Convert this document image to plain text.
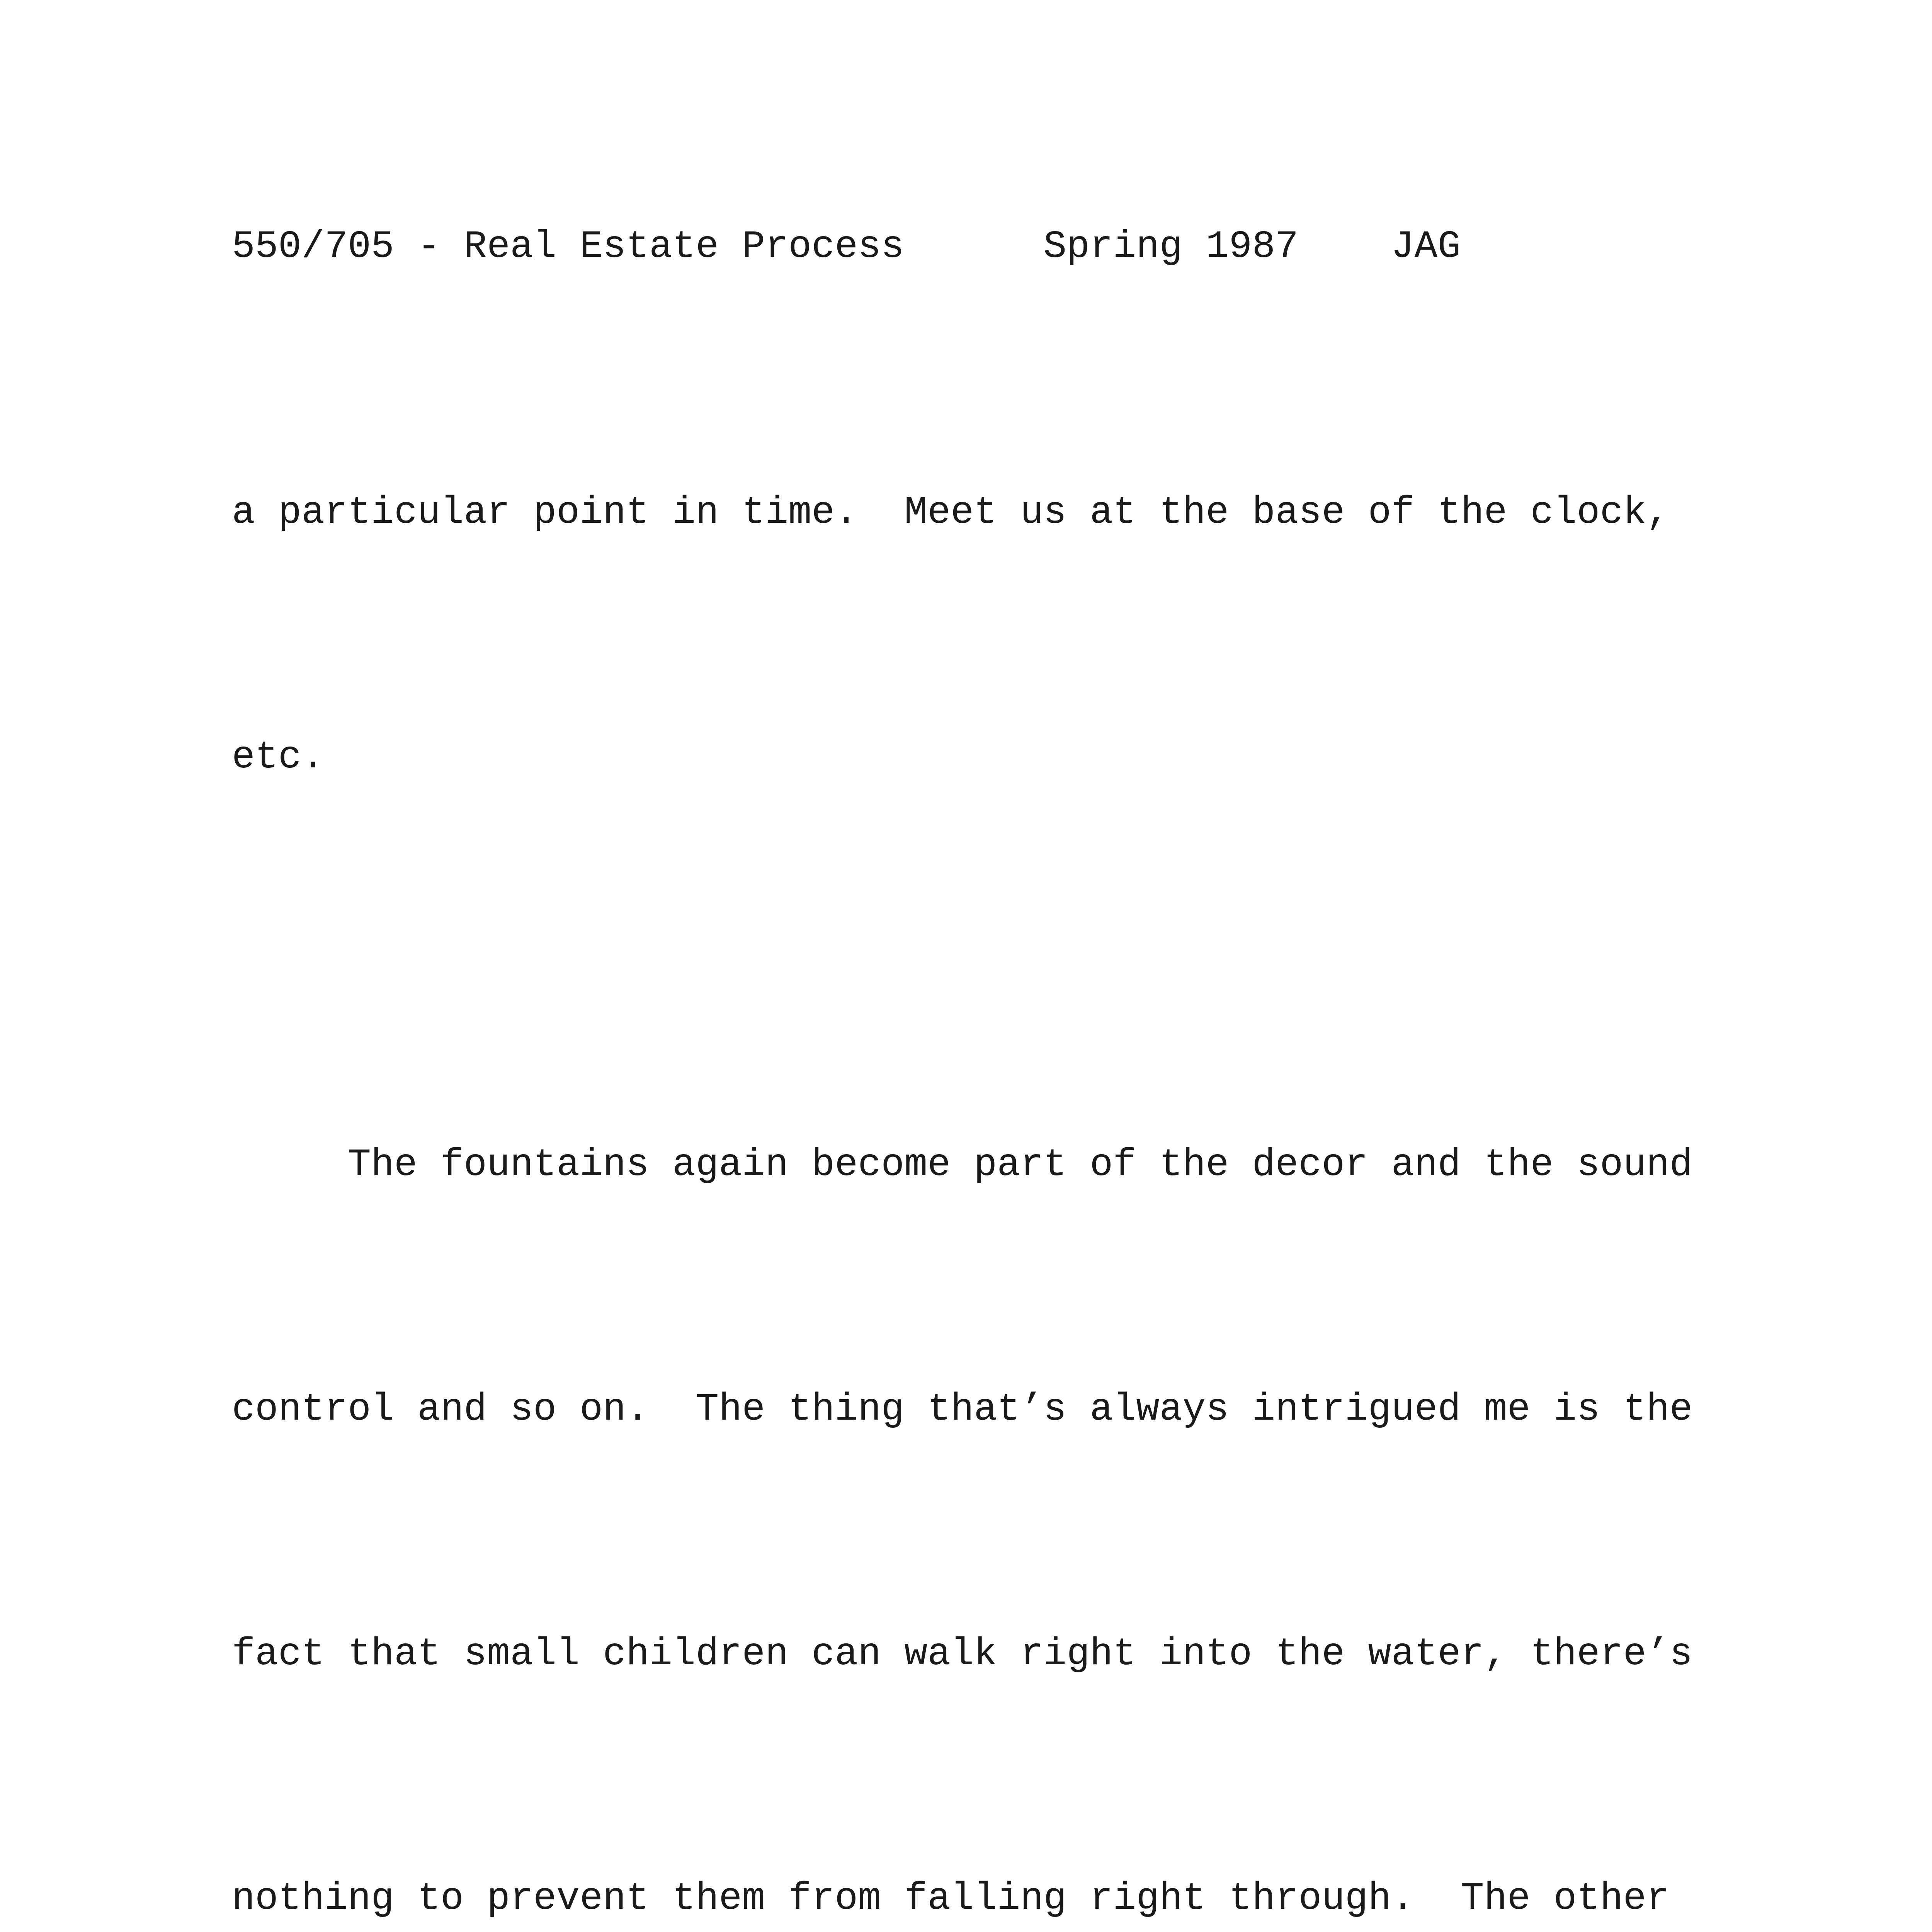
550/705 - Real Estate Process	Spring 1987 JAG

a particular point in time.  Meet us at the base of the clock,

etc.

The fountains again become part of the decor and the sound

control and so on.  The thing that’s always intrigued me is the

fact that small children can walk right into the water, there’s

nothing to prevent them from falling right through.  The other
